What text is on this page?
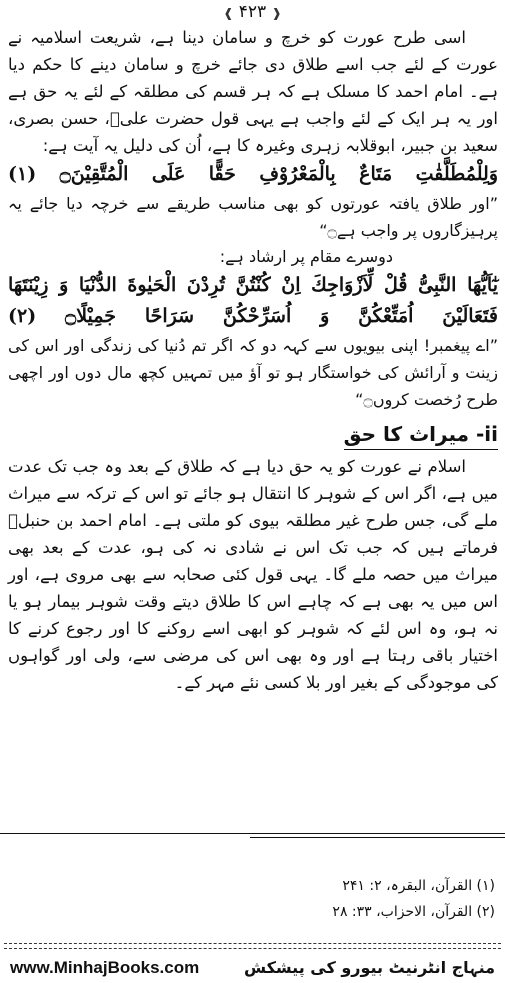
❰ ۴۲۳ ❱

اسی طرح عورت کو خرچ و سامان دینا ہے، شریعت اسلامیہ نے عورت کے لئے جب اسے طلاق دی جائے خرچ و سامان دینے کا حکم دیا ہے۔ امام احمد کا مسلک ہے کہ ہر قسم کی مطلقہ کے لئے یہ حق ہے اور یہ ہر ایک کے لئے واجب ہے یہی قول حضرت علیؓ، حسن بصری، سعید بن جبیر، ابوقلابہ زہری وغیرہ کا ہے، اُن کی دلیل یہ آیت ہے:

وَلِلْمُطَلَّقٰتِ مَتَاعٌ بِالْمَعْرُوْفِ حَقًّا عَلَى الْمُتَّقِيْنَ۝ (۱)

”اور طلاق یافتہ عورتوں کو بھی مناسب طریقے سے خرچہ دیا جائے یہ پرہیزگاروں پر واجب ہے۝“

دوسرے مقام پر ارشاد ہے:

یٰٓاَیُّهَا النَّبِیُّ قُلْ لِّاَزْوَاجِكَ اِنْ كُنْتُنَّ تُرِدْنَ الْحَیٰوةَ الدُّنْیَا وَ زِیْنَتَهَا

فَتَعَالَیْنَ اُمَتِّعْكُنَّ وَ اُسَرِّحْكُنَّ سَرَاحًا جَمِیْلًا۝ (۲)

”اے پیغمبر! اپنی بیویوں سے کہہ دو کہ اگر تم دُنیا کی زندگی اور اس کی زینت و آرائش کی خواستگار ہو تو آؤ میں تمہیں کچھ مال دوں اور اچھی طرح رُخصت کروں۝“

ii- میراث کا حق

اسلام نے عورت کو یہ حق دیا ہے کہ طلاق کے بعد وہ جب تک عدت میں ہے، اگر اس کے شوہر کا انتقال ہو جائے تو اس کے ترکہ سے میراث ملے گی، جس طرح غیر مطلقہ بیوی کو ملتی ہے۔ امام احمد بن حنبلؒ فرماتے ہیں کہ جب تک اس نے شادی نہ کی ہو، عدت کے بعد بھی میراث میں حصہ ملے گا۔ یہی قول کئی صحابہ سے بھی مروی ہے، اور اس میں یہ بھی ہے کہ چاہے اس کا طلاق دیتے وقت شوہر بیمار ہو یا نہ ہو، وہ اس لئے کہ شوہر کو ابھی اسے روکنے کا اور رجوع کرنے کا اختیار باقی رہتا ہے اور وہ بھی اس کی مرضی سے، ولی اور گواہوں کی موجودگی کے بغیر اور بلا کسی نئے مہر کے۔

(۱) القرآن، البقرہ، ۲: ۲۴۱
(۲) القرآن، الاحزاب، ۳۳: ۲۸
www.MinhajBooks.com	منہاج انٹرنیٹ بیورو کی پیشکش
